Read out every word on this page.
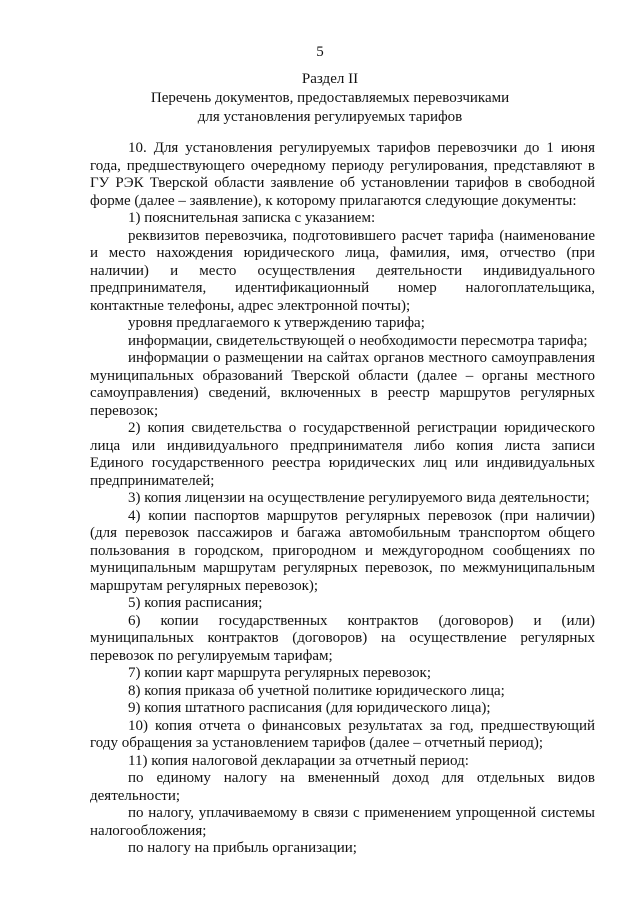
5
Раздел II
Перечень документов, предоставляемых перевозчиками
для установления регулируемых тарифов

10. Для установления регулируемых тарифов перевозчики до 1 июня года, предшествующего очередному периоду регулирования, представляют в ГУ РЭК Тверской области заявление об установлении тарифов в свободной форме (далее – заявление), к которому прилагаются следующие документы:

1) пояснительная записка с указанием:

реквизитов перевозчика, подготовившего расчет тарифа (наименование и место нахождения юридического лица, фамилия, имя, отчество (при наличии) и место осуществления деятельности индивидуального предпринимателя, идентификационный номер налогоплательщика, контактные телефоны, адрес электронной почты);

уровня предлагаемого к утверждению тарифа;

информации, свидетельствующей о необходимости пересмотра тарифа;

информации о размещении на сайтах органов местного самоуправления муниципальных образований Тверской области (далее – органы местного самоуправления) сведений, включенных в реестр маршрутов регулярных перевозок;

2) копия свидетельства о государственной регистрации юридического лица или индивидуального предпринимателя либо копия листа записи Единого государственного реестра юридических лиц или индивидуальных предпринимателей;

3) копия лицензии на осуществление регулируемого вида деятельности;

4) копии паспортов маршрутов регулярных перевозок (при наличии) (для перевозок пассажиров и багажа автомобильным транспортом общего пользования в городском, пригородном и междугородном сообщениях по муниципальным маршрутам регулярных перевозок, по межмуниципальным маршрутам регулярных перевозок);

5) копия расписания;

6) копии государственных контрактов (договоров) и (или) муниципальных контрактов (договоров) на осуществление регулярных перевозок по регулируемым тарифам;

7) копии карт маршрута регулярных перевозок;

8) копия приказа об учетной политике юридического лица;

9) копия штатного расписания (для юридического лица);

10) копия отчета о финансовых результатах за год, предшествующий году обращения за установлением тарифов (далее – отчетный период);

11) копия налоговой декларации за отчетный период:

по единому налогу на вмененный доход для отдельных видов деятельности;

по налогу, уплачиваемому в связи с применением упрощенной системы налогообложения;

по налогу на прибыль организации;
